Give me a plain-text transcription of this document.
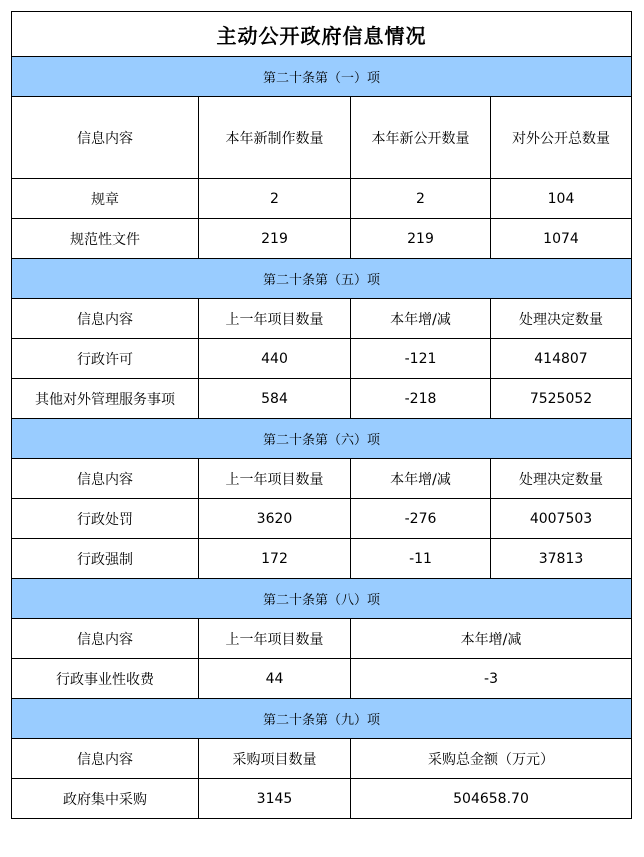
主动公开政府信息情况			
第二十条第（一）项			
信息内容	本年新制作数量	本年新公开数量	对外公开总数量
规章	2	2	104
规范性文件	219	219	1074
第二十条第（五）项			
信息内容	上一年项目数量	本年增/减	处理决定数量
行政许可	440	-121	414807
其他对外管理服务事项	584	-218	7525052
第二十条第（六）项			
信息内容	上一年项目数量	本年增/减	处理决定数量
行政处罚	3620	-276	4007503
行政强制	172	-11	37813
第二十条第（八）项			
信息内容	上一年项目数量	本年增/减	
行政事业性收费	44	-3	
第二十条第（九）项			
信息内容	采购项目数量	采购总金额（万元）	
政府集中采购	3145	504658.70	
